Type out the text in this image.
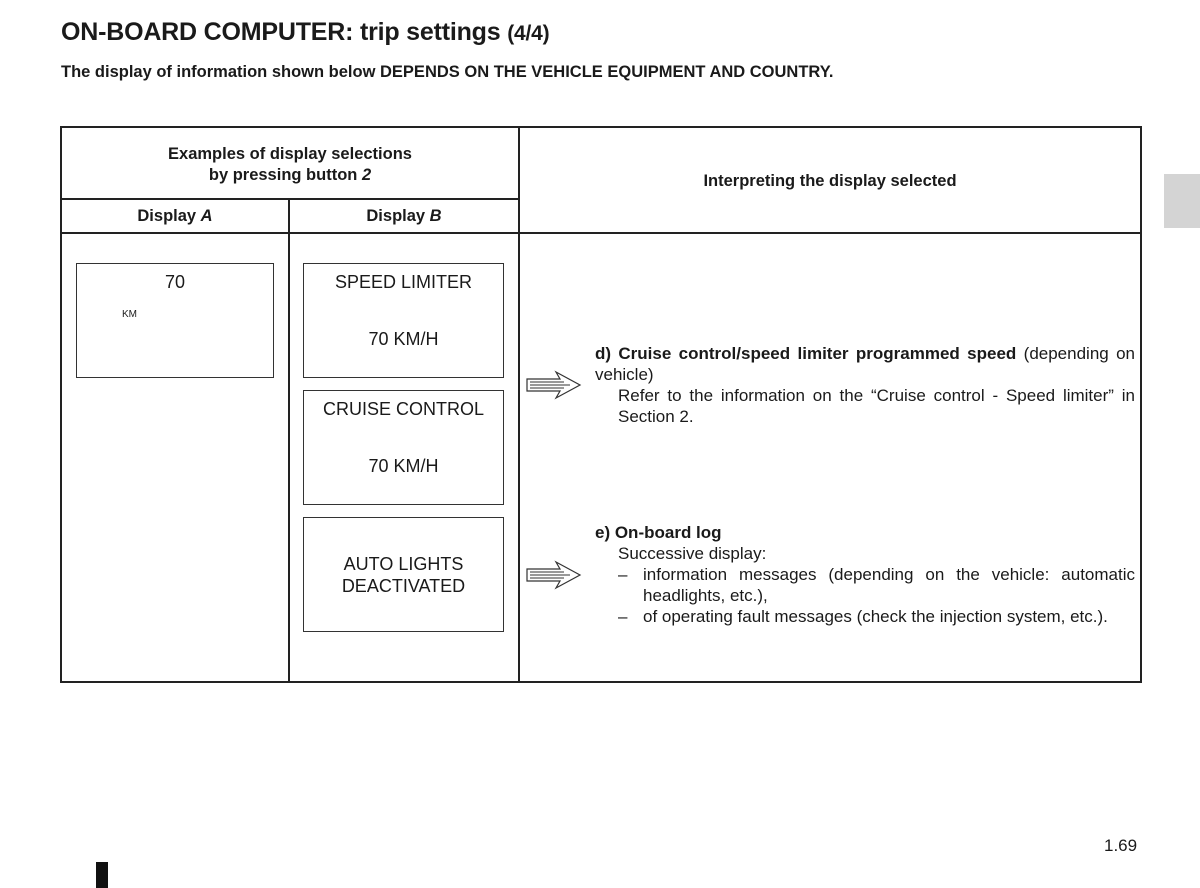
ON-BOARD COMPUTER: trip settings (4/4)
The display of information shown below DEPENDS ON THE VEHICLE EQUIPMENT AND COUNTRY.
Examples of display selections
by pressing button 2	Interpreting the display selected
Display A	Display B
70
KM
SPEED LIMITER
70 KM/H
CRUISE CONTROL
70 KM/H
AUTO LIGHTS
DEACTIVATED
d) Cruise control/speed limiter programmed speed (depending on vehicle)
Refer to the information on the “Cruise control - Speed limiter” in Section 2.
e) On-board log
Successive display:
– information messages (depending on the vehicle: automatic headlights, etc.),
– of operating fault messages (check the injection system, etc.).
1.69
